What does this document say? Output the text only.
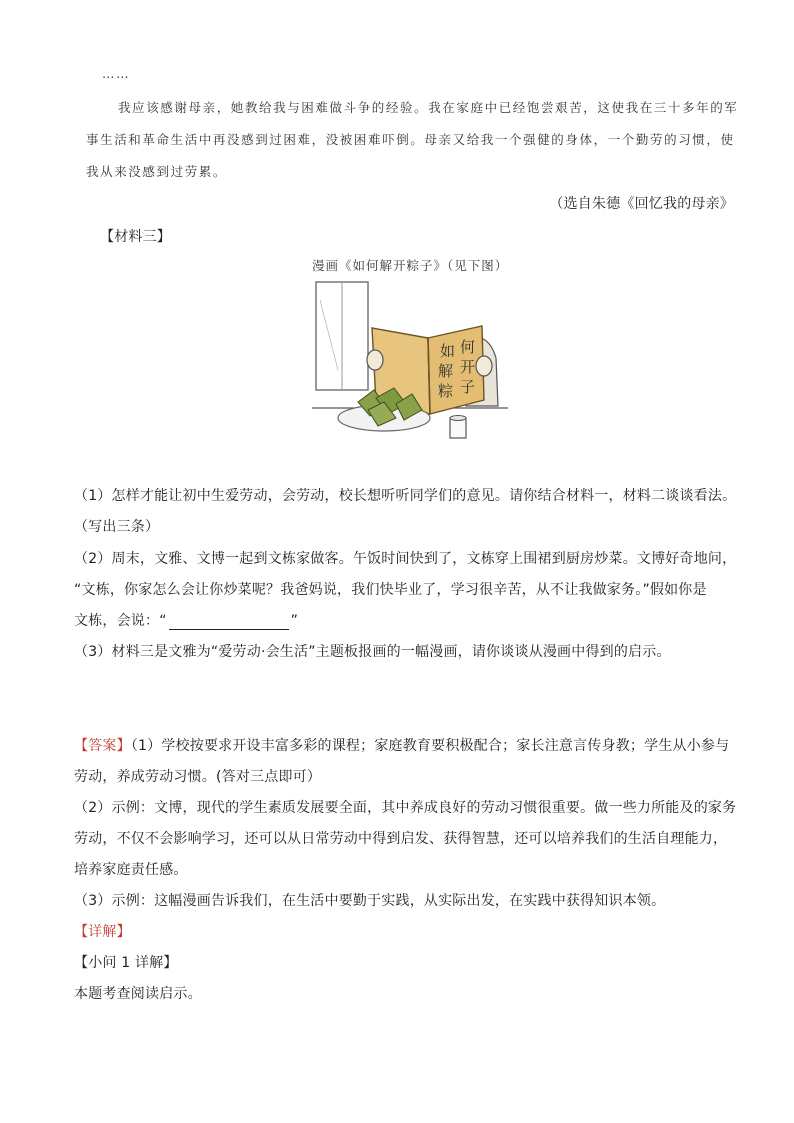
……
我应该感谢母亲，她教给我与困难做斗争的经验。我在家庭中已经饱尝艰苦，这使我在三十多年的军
事生活和革命生活中再没感到过困难，没被困难吓倒。母亲又给我一个强健的身体，一个勤劳的习惯，使
我从来没感到过劳累。
（选自朱德《回忆我的母亲》
【材料三】
漫画《如何解开粽子》（见下图）
如 何
解 开
粽 子
（1）怎样才能让初中生爱劳动，会劳动，校长想听听同学们的意见。请你结合材料一，材料二谈谈看法。
（写出三条）
（2）周末，文雅、文博一起到文栋家做客。午饭时间快到了，文栋穿上围裙到厨房炒菜。文博好奇地问，
“文栋，你家怎么会让你炒菜呢？我爸妈说，我们快毕业了，学习很辛苦，从不让我做家务。”假如你是
文栋，会说：“	”
（3）材料三是文雅为“爱劳动·会生活”主题板报画的一幅漫画，请你谈谈从漫画中得到的启示。
【答案】（1）学校按要求开设丰富多彩的课程；家庭教育要积极配合；家长注意言传身教；学生从小参与
劳动，养成劳动习惯。(答对三点即可）
（2）示例：文博，现代的学生素质发展要全面，其中养成良好的劳动习惯很重要。做一些力所能及的家务
劳动，不仅不会影响学习，还可以从日常劳动中得到启发、获得智慧，还可以培养我们的生活自理能力，
培养家庭责任感。
（3）示例：这幅漫画告诉我们，在生活中要勤于实践，从实际出发，在实践中获得知识本领。
【详解】
【小问 1 详解】
本题考查阅读启示。
